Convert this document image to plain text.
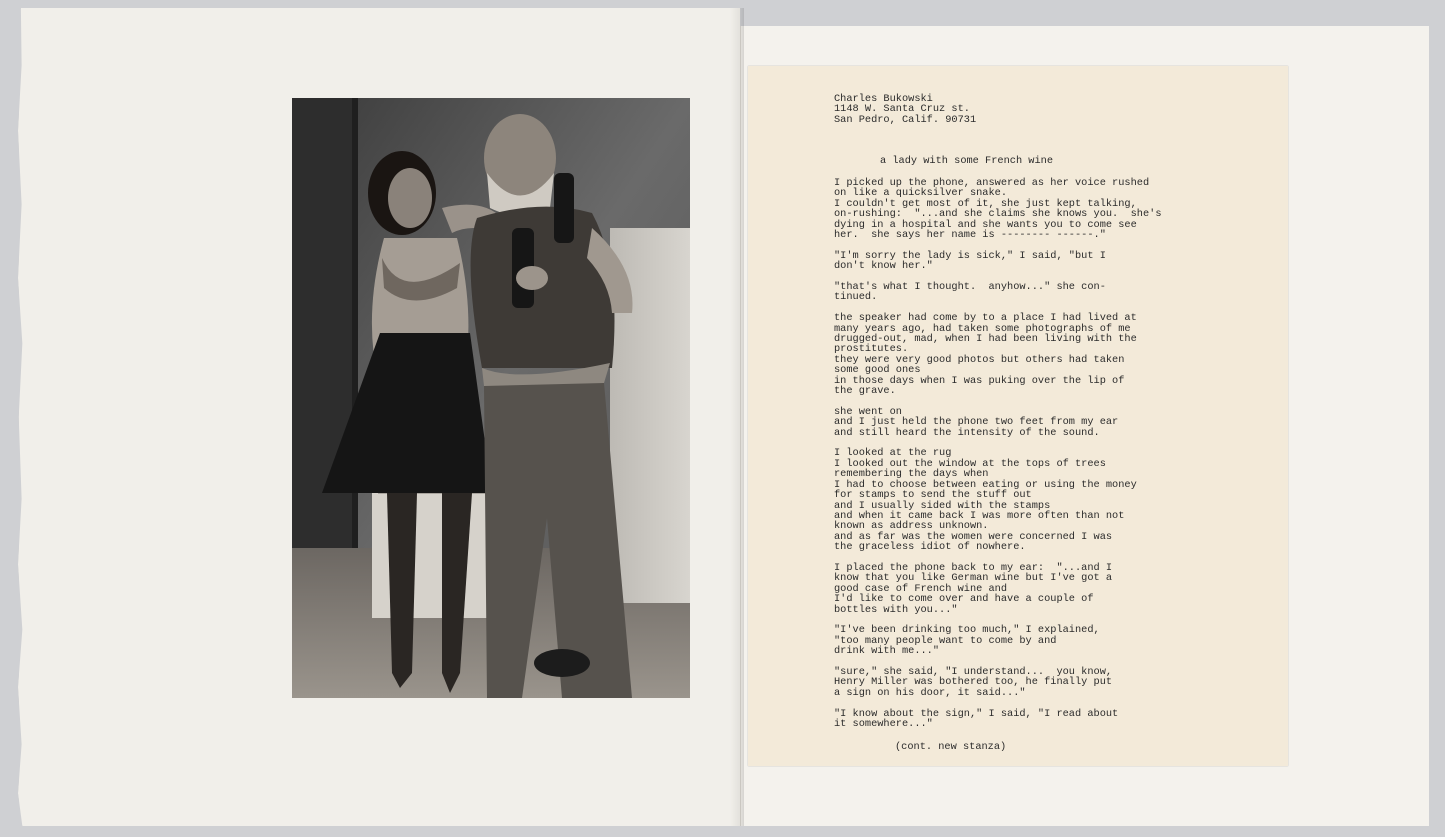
Charles Bukowski
1148 W. Santa Cruz st.
San Pedro, Calif. 90731
a lady with some French wine

I picked up the phone, answered as her voice rushed
on like a quicksilver snake.
I couldn't get most of it, she just kept talking,
on-rushing:  "...and she claims she knows you.  she's
dying in a hospital and she wants you to come see
her.  she says her name is -------- ------."

"I'm sorry the lady is sick," I said, "but I
don't know her."

"that's what I thought.  anyhow..." she con-
tinued.

the speaker had come by to a place I had lived at
many years ago, had taken some photographs of me
drugged-out, mad, when I had been living with the
prostitutes.
they were very good photos but others had taken
some good ones
in those days when I was puking over the lip of
the grave.

she went on
and I just held the phone two feet from my ear
and still heard the intensity of the sound.

I looked at the rug
I looked out the window at the tops of trees
remembering the days when
I had to choose between eating or using the money
for stamps to send the stuff out
and I usually sided with the stamps
and when it came back I was more often than not
known as address unknown.
and as far was the women were concerned I was
the graceless idiot of nowhere.

I placed the phone back to my ear:  "...and I
know that you like German wine but I've got a
good case of French wine and
I'd like to come over and have a couple of
bottles with you..."

"I've been drinking too much," I explained,
"too many people want to come by and
drink with me..."

"sure," she said, "I understand...  you know,
Henry Miller was bothered too, he finally put
a sign on his door, it said..."

"I know about the sign," I said, "I read about
it somewhere..."

(cont. new stanza)
